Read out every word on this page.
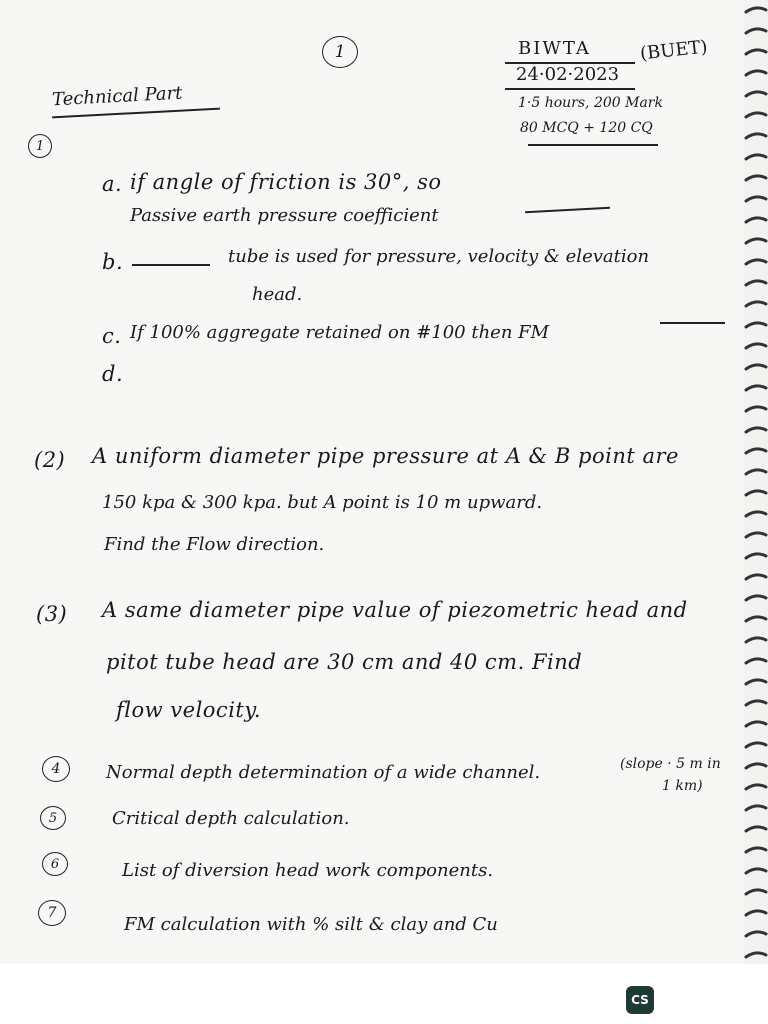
1	BIWTA
24·02·2023
(BUET)
1·5 hours, 200 Mark
80 MCQ + 120 CQ
Technical Part
1
a. if angle of friction is 30°, so
Passive earth pressure coefficient
b.	tube is used for pressure, velocity & elevation
head.
c. If 100% aggregate retained on #100 then FM
d.
(2) A uniform diameter pipe pressure at A & B point are
150 kpa & 300 kpa. but A point is 10 m upward.
Find the Flow direction.
(3) A same diameter pipe value of piezometric head and
pitot tube head are 30 cm and 40 cm. Find
flow velocity.
4	Normal depth determination of a wide channel.	(slope · 5 m in
1 km)
5	Critical depth calculation.
6	List of diversion head work components.
7
FM calculation with % silt & clay and Cu
CS
